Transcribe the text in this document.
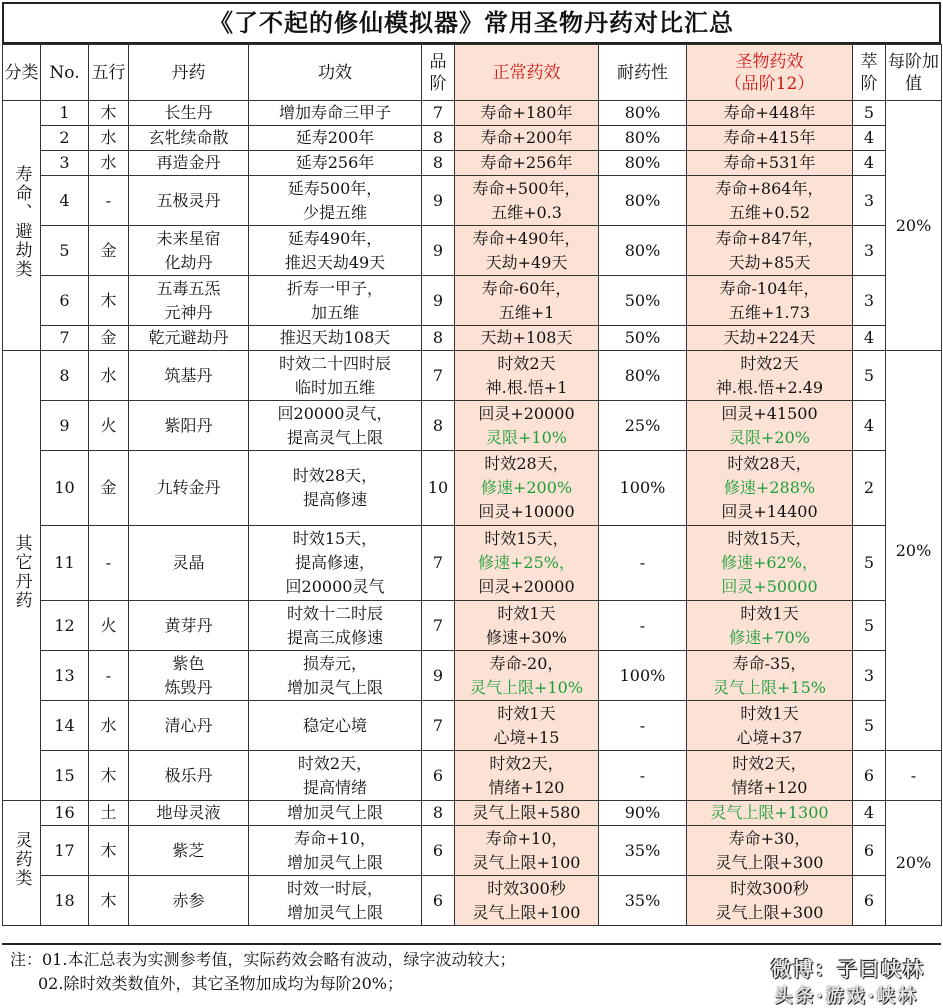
《了不起的修仙模拟器》常用圣物丹药对比汇总
分类	No.	五行	丹药	功效	品阶	正常药效	耐药性	圣物药效
（品阶12）	萃阶	每阶加值
寿命、避劫类	1	木	长生丹	增加寿命三甲子	7	寿命+180年	80%	寿命+448年	5	20%
	2	水	玄牝续命散	延寿200年	8	寿命+200年	80%	寿命+415年	4	
	3	水	再造金丹	延寿256年	8	寿命+256年	80%	寿命+531年	4	
	4	-	五极灵丹	延寿500年，
少提五维	9	寿命+500年，
五维+0.3	80%	寿命+864年，
五维+0.52	3	
	5	金	未来星宿
化劫丹	延寿490年，
推迟天劫49天	9	寿命+490年，
天劫+49天	80%	寿命+847年，
天劫+85天	3	
	6	木	五毒五炁
元神丹	折寿一甲子，
加五维	9	寿命-60年，
五维+1	50%	寿命-104年，
五维+1.73	3	
	7	金	乾元避劫丹	推迟天劫108天	8	天劫+108天	50%	天劫+224天	4	
其它丹药	8	水	筑基丹	时效二十四时辰
临时加五维	7	时效2天
神.根.悟+1	80%	时效2天
神.根.悟+2.49	5	20%
	9	火	紫阳丹	回20000灵气，
提高灵气上限	8	回灵+20000
灵限+10%	25%	回灵+41500
灵限+20%	4	
	10	金	九转金丹	时效28天，
提高修速	10	时效28天，
修速+200%
回灵+10000	100%	时效28天，
修速+288%
回灵+14400	2	
	11	-	灵晶	时效15天，
提高修速，
回20000灵气	7	时效15天，
修速+25%，
回灵+20000	-	时效15天，
修速+62%，
回灵+50000	5	
	12	火	黄芽丹	时效十二时辰
提高三成修速	7	时效1天
修速+30%	-	时效1天
修速+70%	5	
	13	-	紫色
炼毁丹	损寿元，
增加灵气上限	9	寿命-20，
灵气上限+10%	100%	寿命-35，
灵气上限+15%	3	
	14	水	清心丹	稳定心境	7	时效1天
心境+15	-	时效1天
心境+37	5	
	15	木	极乐丹	时效2天，
提高情绪	6	时效2天，
情绪+120	-	时效2天，
情绪+120	6	-
灵药类	16	土	地母灵液	增加灵气上限	8	灵气上限+580	90%	灵气上限+1300	4	20%
	17	木	紫芝	寿命+10，
增加灵气上限	6	寿命+10，
灵气上限+100	35%	寿命+30，
灵气上限+300	6	
	18	木	赤参	时效一时辰，
增加灵气上限	6	时效300秒
灵气上限+100	35%	时效300秒
灵气上限+300	6	
注：01.本汇总表为实测参考值，实际药效会略有波动，绿字波动较大；
02.除时效类数值外，其它圣物加成均为每阶20%；
微博：子曰峡林
头条·游戏·峡林
